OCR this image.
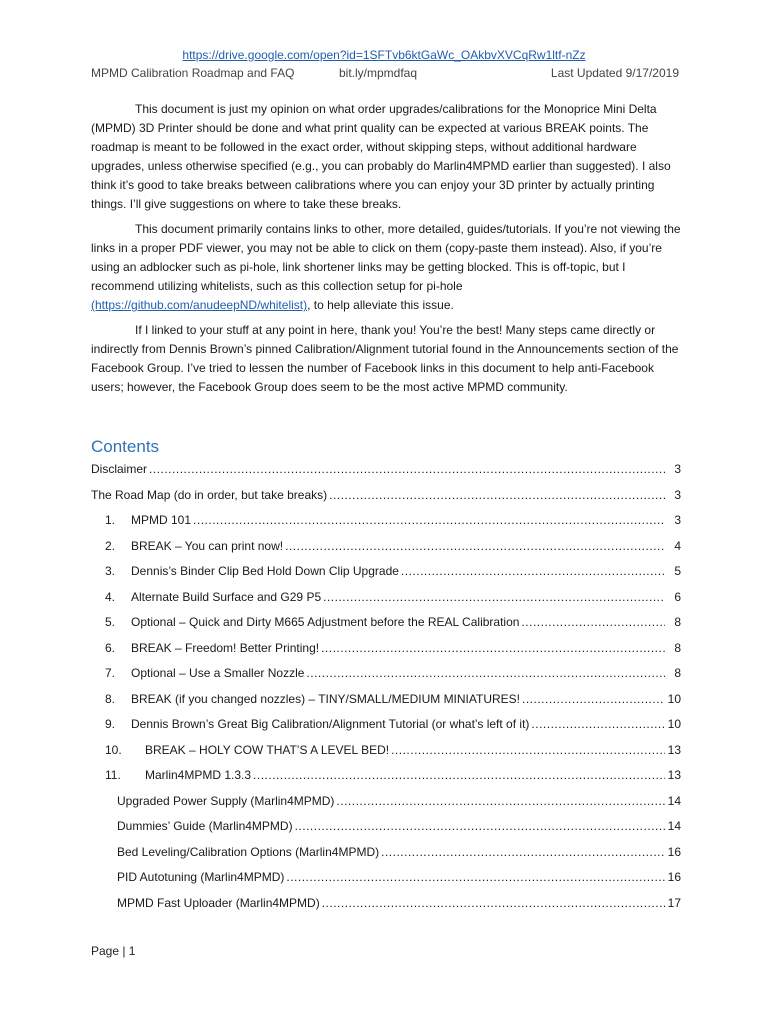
https://drive.google.com/open?id=1SFTvb6ktGaWc_OAkbvXVCqRw1ltf-nZz
MPMD Calibration Roadmap and FAQ	bit.ly/mpmdfaq	Last Updated 9/17/2019

This document is just my opinion on what order upgrades/calibrations for the Monoprice Mini Delta (MPMD) 3D Printer should be done and what print quality can be expected at various BREAK points. The roadmap is meant to be followed in the exact order, without skipping steps, without additional hardware upgrades, unless otherwise specified (e.g., you can probably do Marlin4MPMD earlier than suggested). I also think it’s good to take breaks between calibrations where you can enjoy your 3D printer by actually printing things. I’ll give suggestions on where to take these breaks.

This document primarily contains links to other, more detailed, guides/tutorials. If you’re not viewing the links in a proper PDF viewer, you may not be able to click on them (copy-paste them instead). Also, if you’re using an adblocker such as pi-hole, link shortener links may be getting blocked. This is off-topic, but I recommend utilizing whitelists, such as this collection setup for pi-hole (https://github.com/anudeepND/whitelist), to help alleviate this issue.

If I linked to your stuff at any point in here, thank you! You’re the best! Many steps came directly or indirectly from Dennis Brown’s pinned Calibration/Alignment tutorial found in the Announcements section of the Facebook Group. I’ve tried to lessen the number of Facebook links in this document to help anti-Facebook users; however, the Facebook Group does seem to be the most active MPMD community.

Contents
Disclaimer .....	3
The Road Map (do in order, but take breaks) .....	3
1.	MPMD 101 .....	3
2.	BREAK – You can print now! .....	4
3.	Dennis’s Binder Clip Bed Hold Down Clip Upgrade .....	5
4.	Alternate Build Surface and G29 P5 .....	6
5.	Optional – Quick and Dirty M665 Adjustment before the REAL Calibration .....	8
6.	BREAK – Freedom! Better Printing! .....	8
7.	Optional – Use a Smaller Nozzle .....	8
8.	BREAK (if you changed nozzles) – TINY/SMALL/MEDIUM MINIATURES! .....	10
9.	Dennis Brown’s Great Big Calibration/Alignment Tutorial (or what’s left of it) .....	10
10.	BREAK – HOLY COW THAT’S A LEVEL BED! .....	13
11.	Marlin4MPMD 1.3.3 .....	13
Upgraded Power Supply (Marlin4MPMD) .....	14
Dummies’ Guide (Marlin4MPMD) .....	14
Bed Leveling/Calibration Options (Marlin4MPMD) .....	16
PID Autotuning (Marlin4MPMD) .....	16
MPMD Fast Uploader (Marlin4MPMD) .....	17
Page | 1
